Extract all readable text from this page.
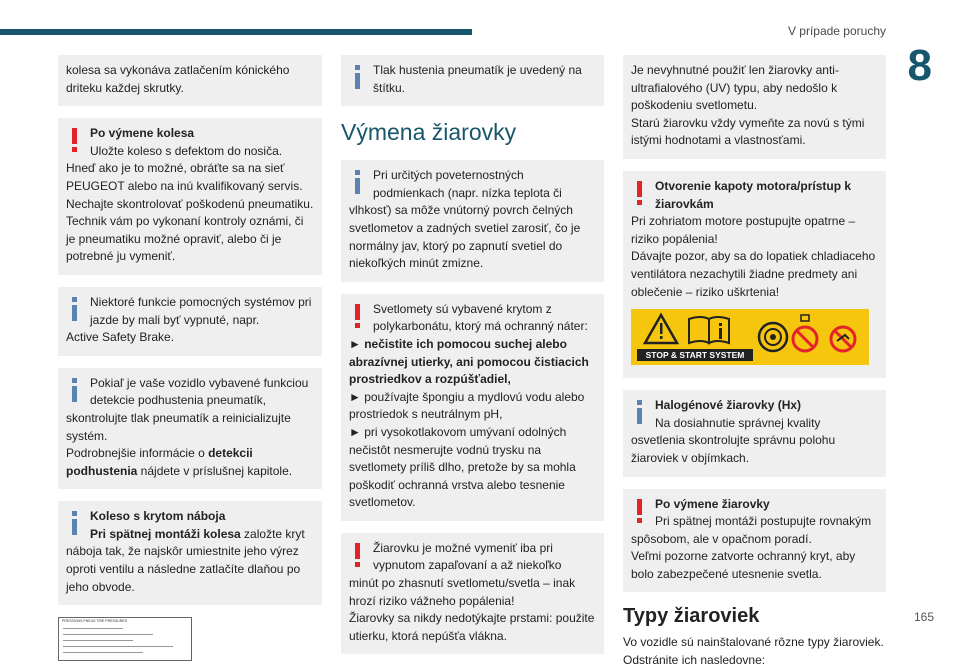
V prípade poruchy
8
165

kolesa sa vykonáva zatlačením kónického driteku každej skrutky.

Po výmene kolesa

Uložte koleso s defektom do nosiča.

Hneď ako je to možné, obráťte sa na sieť PEUGEOT alebo na inú kvalifikovaný servis. Nechajte skontrolovať poškodenú pneumatiku. Technik vám po vykonaní kontroly oznámi, či je pneumatiku možné opraviť, alebo či je potrebné ju vymeniť.

Niektoré funkcie pomocných systémov pri jazde by mali byť vypnuté, napr.

Active Safety Brake.

Pokiaľ je vaše vozidlo vybavené funkciou detekcie podhustenia pneumatík,

skontrolujte tlak pneumatík a reinicializujte systém.

Podrobnejšie informácie o detekcii podhustenia nájdete v príslušnej kapitole.

Koleso s krytom náboja

Pri spätnej montáži kolesa založte kryt

náboja tak, že najskôr umiestnite jeho výrez oproti ventilu a následne zatlačíte dlaňou po jeho obvode.

PRESSIONS PNEUS TIRE PRESSURES

Tlak hustenia pneumatík je uvedený na štítku.

Výmena žiarovky

Pri určitých poveternostných podmienkach (napr. nízka teplota či

vlhkosť) sa môže vnútorný povrch čelných svetlometov a zadných svetiel zarosiť, čo je normálny jav, ktorý po zapnutí svetiel do niekoľkých minút zmizne.

Svetlomety sú vybavené krytom z polykarbonátu, ktorý má ochranný náter:

► nečistite ich pomocou suchej alebo abrazívnej utierky, ani pomocou čistiacich prostriedkov a rozpúšťadiel,

► používajte špongiu a mydlovú vodu alebo prostriedok s neutrálnym pH,

► pri vysokotlakovom umývaní odolných nečistôt nesmerujte vodnú trysku na svetlomety príliš dlho, pretože by sa mohla poškodiť ochranná vrstva alebo tesnenie svetlometov.

Žiarovku je možné vymeniť iba pri vypnutom zapaľovaní a až niekoľko

minút po zhasnutí svetlometu/svetla – inak hrozí riziko vážneho popálenia!

Žiarovky sa nikdy nedotýkajte prstami: použite utierku, ktorá nepúšťa vlákna.

Je nevyhnutné použiť len žiarovky anti-ultrafialového (UV) typu, aby nedošlo k poškodeniu svetlometu.

Starú žiarovku vždy vymeňte za novú s tými istými hodnotami a vlastnosťami.

Otvorenie kapoty motora/prístup k žiarovkám

Pri zohriatom motore postupujte opatrne – riziko popálenia!

Dávajte pozor, aby sa do lopatiek chladiaceho ventilátora nezachytili žiadne predmety ani oblečenie – riziko uškrtenia!

STOP & START SYSTEM

Halogénové žiarovky (Hx)

Na dosiahnutie správnej kvality

osvetlenia skontrolujte správnu polohu žiaroviek v objímkach.

Po výmene žiarovky

Pri spätnej montáži postupujte rovnakým

spôsobom, ale v opačnom poradí.

Veľmi pozorne zatvorte ochranný kryt, aby bolo zabezpečené utesnenie svetla.

Typy žiaroviek

Vo vozidle sú nainštalované rôzne typy žiaroviek. Odstránite ich nasledovne:
